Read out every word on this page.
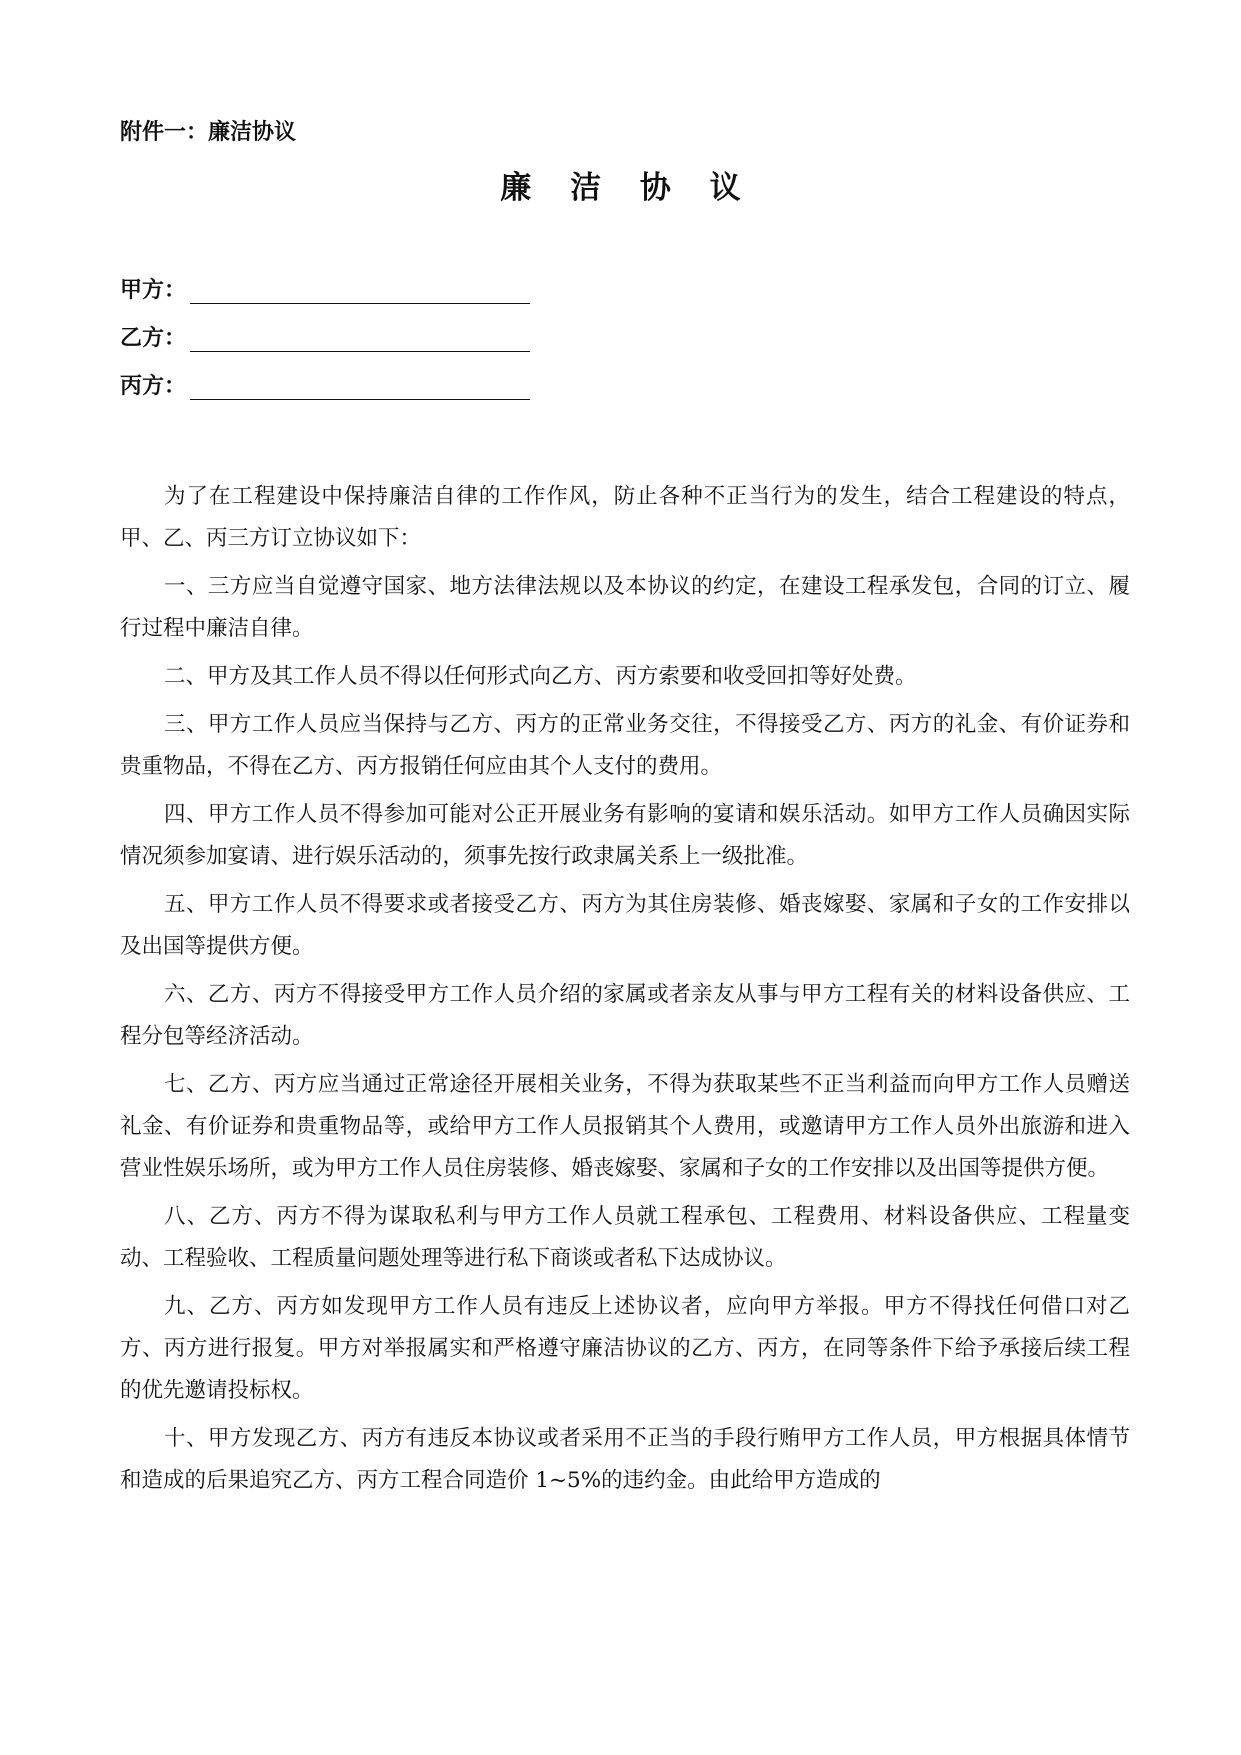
附件一：廉洁协议
廉 洁 协 议
甲方：
乙方：
丙方：

为了在工程建设中保持廉洁自律的工作作风，防止各种不正当行为的发生，结合工程建设的特点，甲、乙、丙三方订立协议如下：

一、三方应当自觉遵守国家、地方法律法规以及本协议的约定，在建设工程承发包，合同的订立、履行过程中廉洁自律。

二、甲方及其工作人员不得以任何形式向乙方、丙方索要和收受回扣等好处费。

三、甲方工作人员应当保持与乙方、丙方的正常业务交往，不得接受乙方、丙方的礼金、有价证券和贵重物品，不得在乙方、丙方报销任何应由其个人支付的费用。

四、甲方工作人员不得参加可能对公正开展业务有影响的宴请和娱乐活动。如甲方工作人员确因实际情况须参加宴请、进行娱乐活动的，须事先按行政隶属关系上一级批准。

五、甲方工作人员不得要求或者接受乙方、丙方为其住房装修、婚丧嫁娶、家属和子女的工作安排以及出国等提供方便。

六、乙方、丙方不得接受甲方工作人员介绍的家属或者亲友从事与甲方工程有关的材料设备供应、工程分包等经济活动。

七、乙方、丙方应当通过正常途径开展相关业务，不得为获取某些不正当利益而向甲方工作人员赠送礼金、有价证券和贵重物品等，或给甲方工作人员报销其个人费用，或邀请甲方工作人员外出旅游和进入营业性娱乐场所，或为甲方工作人员住房装修、婚丧嫁娶、家属和子女的工作安排以及出国等提供方便。

八、乙方、丙方不得为谋取私利与甲方工作人员就工程承包、工程费用、材料设备供应、工程量变动、工程验收、工程质量问题处理等进行私下商谈或者私下达成协议。

九、乙方、丙方如发现甲方工作人员有违反上述协议者，应向甲方举报。甲方不得找任何借口对乙方、丙方进行报复。甲方对举报属实和严格遵守廉洁协议的乙方、丙方，在同等条件下给予承接后续工程的优先邀请投标权。

十、甲方发现乙方、丙方有违反本协议或者采用不正当的手段行贿甲方工作人员，甲方根据具体情节和造成的后果追究乙方、丙方工程合同造价 1~5%的违约金。由此给甲方造成的
